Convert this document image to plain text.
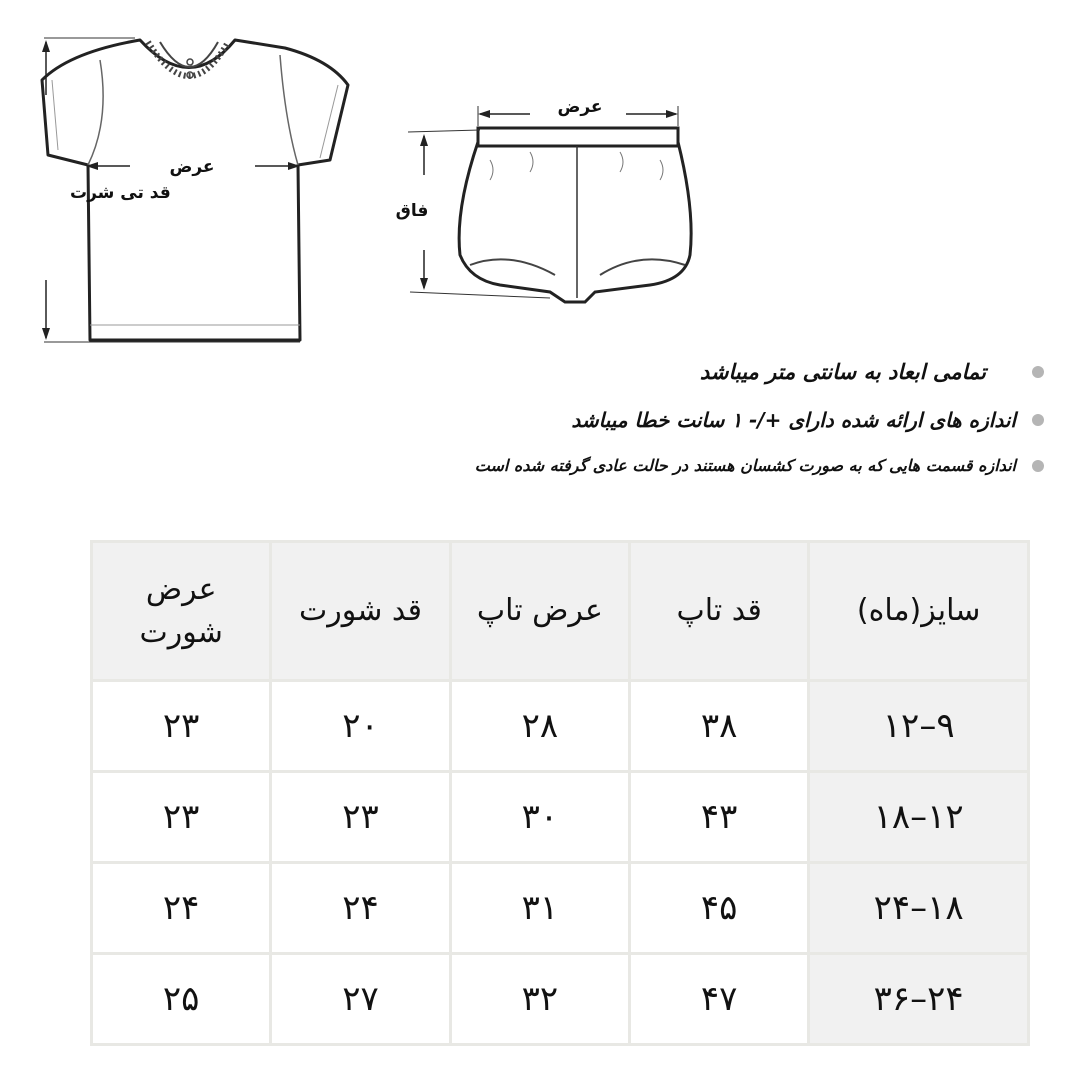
قد تی شرت
عرض
عرض
فاق
تمامی ابعاد به سانتی متر میباشد
اندازه های ارائه شده دارای +/- ۱ سانت خطا میباشد
اندازه قسمت هایی که به صورت کشسان هستند در حالت عادی گرفته شده است
سایز(ماه)	قد تاپ	عرض تاپ	قد شورت	عرض شورت
۹–۱۲	۳۸	۲۸	۲۰	۲۳
۱۲–۱۸	۴۳	۳۰	۲۳	۲۳
۱۸–۲۴	۴۵	۳۱	۲۴	۲۴
۲۴–۳۶	۴۷	۳۲	۲۷	۲۵
